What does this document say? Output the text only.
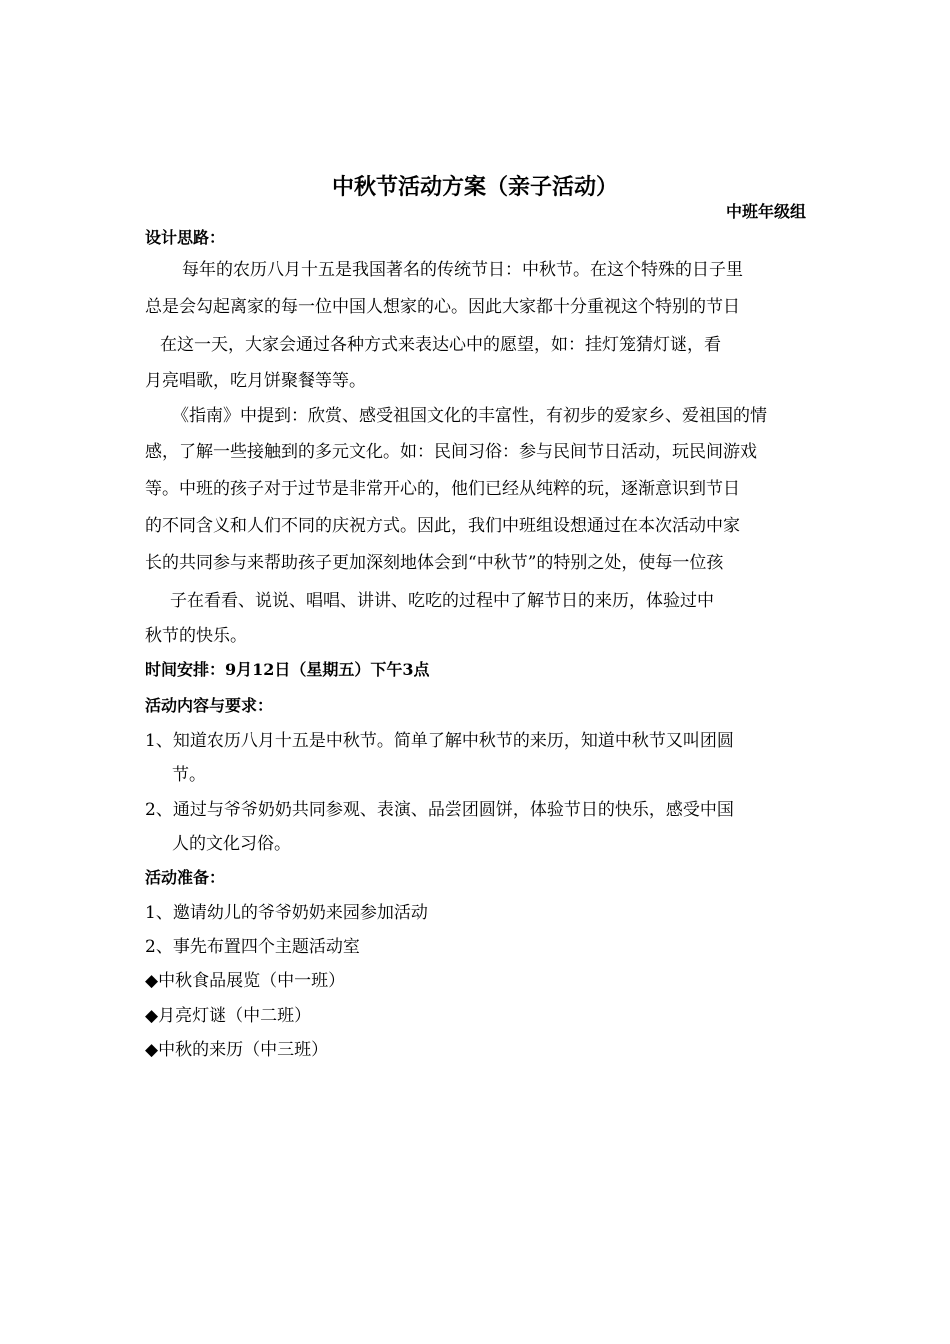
中秋节活动方案（亲子活动）
中班年级组
设计思路：
每年的农历八月十五是我国著名的传统节日：中秋节。在这个特殊的日子里
总是会勾起离家的每一位中国人想家的心。因此大家都十分重视这个特别的节日
在这一天，大家会通过各种方式来表达心中的愿望，如：挂灯笼猜灯谜，看
月亮唱歌，吃月饼聚餐等等。
《指南》中提到：欣赏、感受祖国文化的丰富性，有初步的爱家乡、爱祖国的情
感，了解一些接触到的多元文化。如：民间习俗：参与民间节日活动，玩民间游戏
等。中班的孩子对于过节是非常开心的，他们已经从纯粹的玩，逐渐意识到节日
的不同含义和人们不同的庆祝方式。因此，我们中班组设想通过在本次活动中家
长的共同参与来帮助孩子更加深刻地体会到“中秋节”的特别之处，使每一位孩
子在看看、说说、唱唱、讲讲、吃吃的过程中了解节日的来历，体验过中
秋节的快乐。
时间安排：9月12日（星期五）下午3点
活动内容与要求：
1、知道农历八月十五是中秋节。简单了解中秋节的来历，知道中秋节又叫团圆
节。
2、通过与爷爷奶奶共同参观、表演、品尝团圆饼，体验节日的快乐，感受中国
人的文化习俗。
活动准备：
1、邀请幼儿的爷爷奶奶来园参加活动
2、事先布置四个主题活动室
◆中秋食品展览（中一班）
◆月亮灯谜（中二班）
◆中秋的来历（中三班）
